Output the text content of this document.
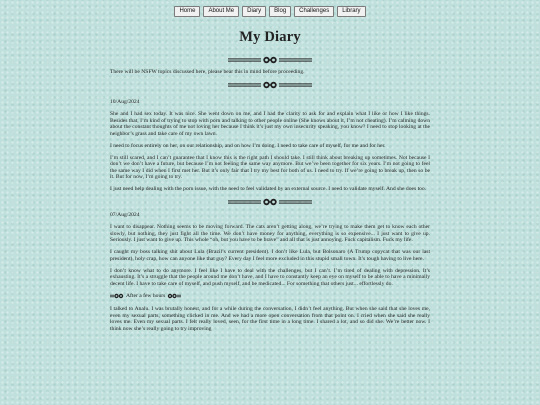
Home	About Me	Diary	Blog	Challenges	Library
My Diary

There will be NSFW topics discussed here, please bear this in mind before proceeding.

10/Aug/2024

She and I had sex today. It was nice. She went down on me, and I had the clarity to ask for and explain what I like or how I like things. Besides that, I’m kind of trying to stop with porn and talking to other people online (She knows about it, I’m not cheating). I’m calming down about the constant thoughts of me not loving her because I think it’s just my own insecurity speaking, you know? I need to stop looking at the neighbor’s grass and take care of my own lawn.

I need to focus entirely on her, on our relationship, and on how I’m doing. I need to take care of myself, for me and for her.

I’m still scared, and I can’t guarantee that I know this is the right path I should take. I still think about breaking up sometimes. Not because I don’t we don’t have a future, but because I’m not feeling the same way anymore. But we’ve been together for six years. I’m not going to feel the same way I did when I first met her. But it’s only fair that I try my best for both of us. I need to try. If we’re going to break up, then so be it. But for now, I’m going to try.

I just need help dealing with the porn issue, with the need to feel validated by an external source. I need to validate myself. And she does too.

07/Aug/2024

I want to disappear. Nothing seems to be moving forward. The cats aren’t getting along, we’re trying to make them get to know each other slowly, but nothing, they just fight all the time. We don’t have money for anything, everything is so expensive... I just want to give up. Seriously. I just want to give up. This whole “oh, but you have to be brave” and all that is just annoying. Fuck capitalism. Fuck my life.

I caught my boss talking shit about Lula (Brazil’s current president). I don’t like Lula, but Bolsonaro (A Trump copycat that was our last president), holy crap, how can anyone like that guy? Every day I feel more excluded in this stupid small town. It’s tough having to live here.

I don’t know what to do anymore. I feel like I have to deal with the challenges, but I can’t. I’m tired of dealing with depression. It’s exhausting. It’s a struggle that the people around me don’t have, and I have to constantly keep an eye on myself to be able to have a minimally decent life. I have to take care of myself, and push myself, and be medicated... For something that others just... effortlessly do.

After a few hours

I talked to Analu. I was brutally honest, and for a while during the conversation, I didn’t feel anything. But when she said that she loves me, even my sexual parts, something clicked in me. And we had a more open conversation from that point on. I cried when she said she really loves me. Even my sexual parts. I felt really loved, seen, for the first time in a long time. I shared a lot, and so did she. We’re better now. I think now she’s really going to try improving
